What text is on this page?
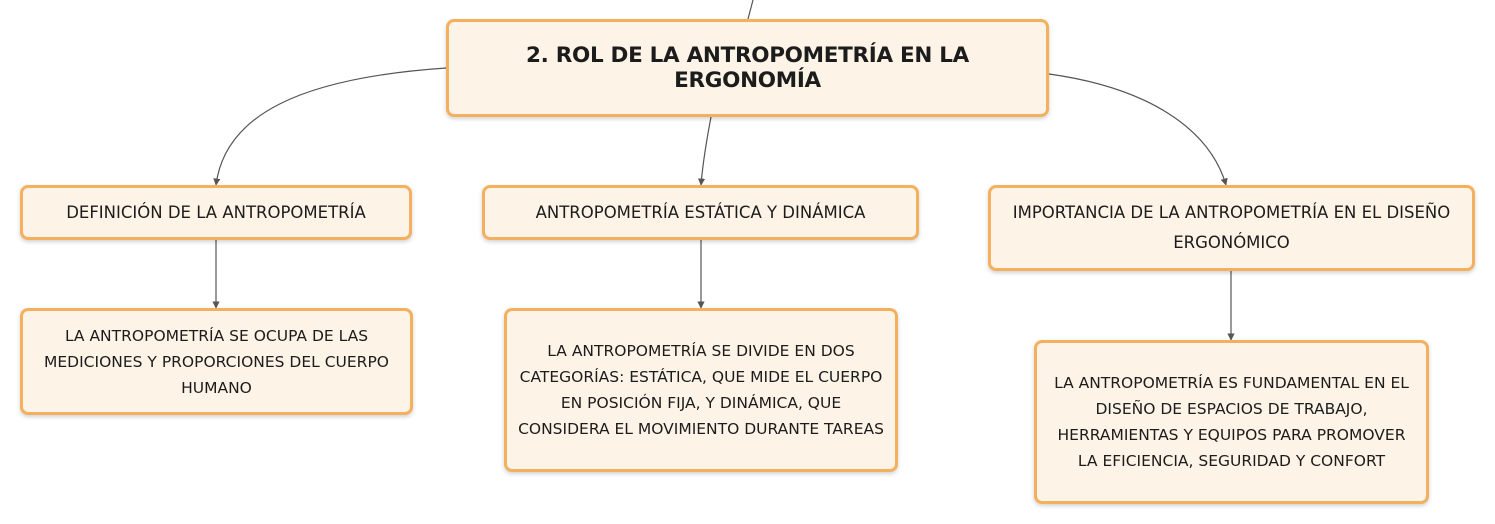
2. ROL DE LA ANTROPOMETRÍA EN LA ERGONOMÍA
DEFINICIÓN DE LA ANTROPOMETRÍA	ANTROPOMETRÍA ESTÁTICA Y DINÁMICA	IMPORTANCIA DE LA ANTROPOMETRÍA EN EL DISEÑO ERGONÓMICO
LA ANTROPOMETRÍA SE OCUPA DE LAS MEDICIONES Y PROPORCIONES DEL CUERPO HUMANO
LA ANTROPOMETRÍA SE DIVIDE EN DOS CATEGORÍAS: ESTÁTICA, QUE MIDE EL CUERPO EN POSICIÓN FIJA, Y DINÁMICA, QUE CONSIDERA EL MOVIMIENTO DURANTE TAREAS
LA ANTROPOMETRÍA ES FUNDAMENTAL EN EL DISEÑO DE ESPACIOS DE TRABAJO, HERRAMIENTAS Y EQUIPOS PARA PROMOVER LA EFICIENCIA, SEGURIDAD Y CONFORT
